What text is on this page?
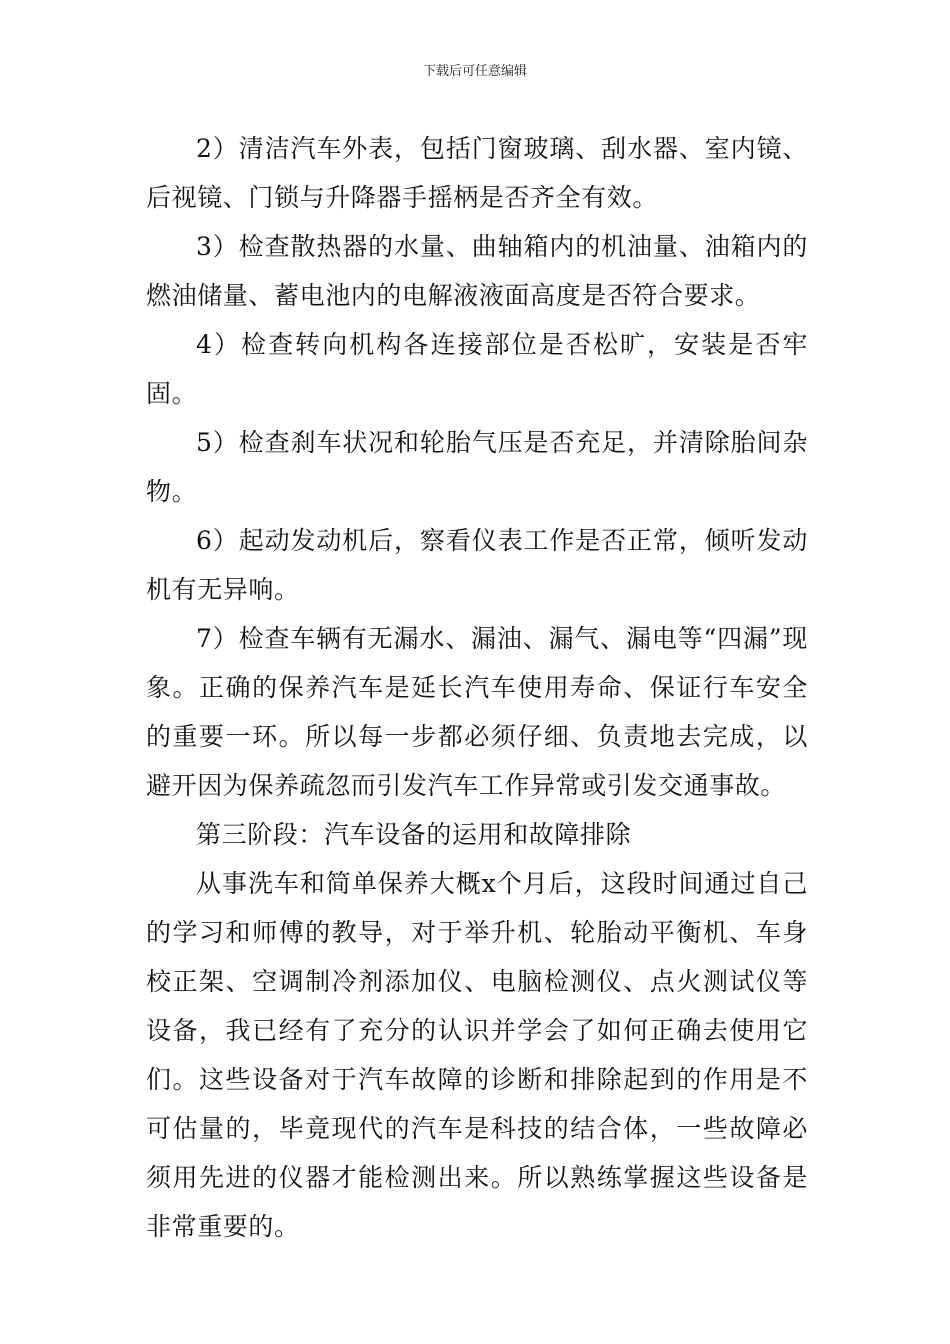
下载后可任意编辑

2）清洁汽车外表，包括门窗玻璃、刮水器、室内镜、后视镜、门锁与升降器手摇柄是否齐全有效。

3）检查散热器的水量、曲轴箱内的机油量、油箱内的燃油储量、蓄电池内的电解液液面高度是否符合要求。

4）检查转向机构各连接部位是否松旷，安装是否牢固。

5）检查刹车状况和轮胎气压是否充足，并清除胎间杂物。

6）起动发动机后，察看仪表工作是否正常，倾听发动机有无异响。

7）检查车辆有无漏水、漏油、漏气、漏电等“四漏”现象。正确的保养汽车是延长汽车使用寿命、保证行车安全的重要一环。所以每一步都必须仔细、负责地去完成，以避开因为保养疏忽而引发汽车工作异常或引发交通事故。

第三阶段：汽车设备的运用和故障排除

从事洗车和简单保养大概x个月后，这段时间通过自己的学习和师傅的教导，对于举升机、轮胎动平衡机、车身校正架、空调制冷剂添加仪、电脑检测仪、点火测试仪等设备，我已经有了充分的认识并学会了如何正确去使用它们。这些设备对于汽车故障的诊断和排除起到的作用是不可估量的，毕竟现代的汽车是科技的结合体，一些故障必须用先进的仪器才能检测出来。所以熟练掌握这些设备是非常重要的。
